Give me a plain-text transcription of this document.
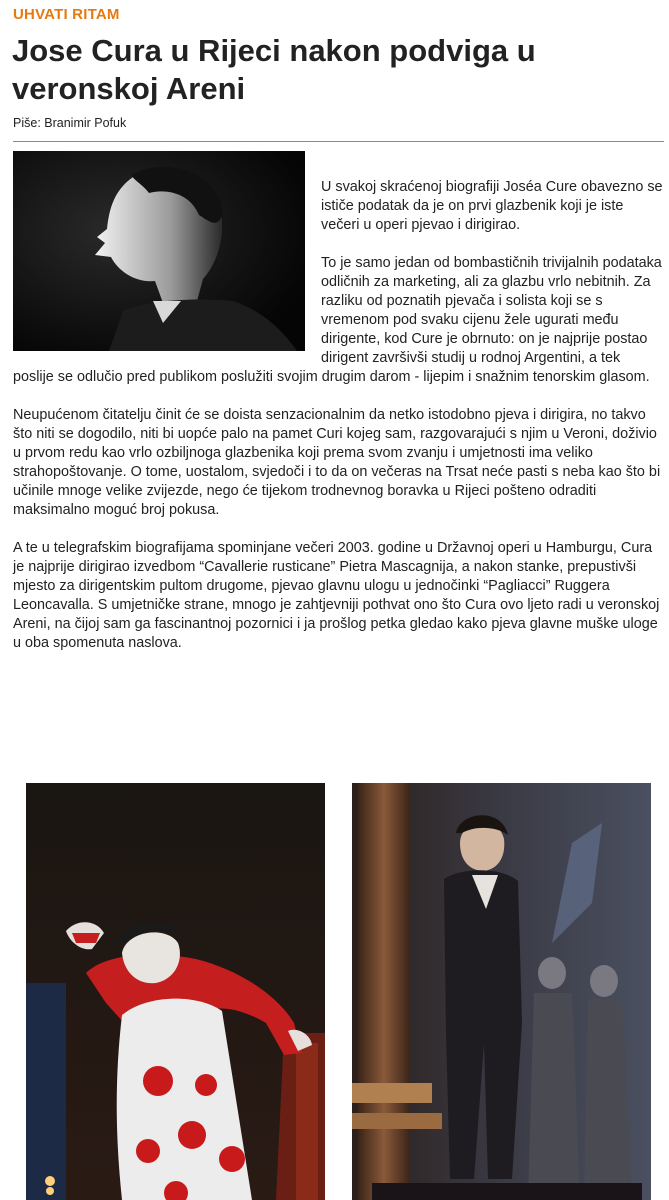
UHVATI RITAM
Jose Cura u Rijeci nakon podviga u veronskoj Areni
Piše: Branimir Pofuk

U svakoj skraćenoj biografiji Joséa Cure obavezno se ističe podatak da je on prvi glazbenik koji je iste večeri u operi pjevao i dirigirao.

To je samo jedan od bombastičnih trivijalnih podataka odličnih za marketing, ali za glazbu vrlo nebitnih. Za razliku od poznatih pjevača i solista koji se s vremenom pod svaku cijenu žele ugurati među dirigente, kod Cure je obrnuto: on je najprije postao dirigent završivši studij u rodnoj Argentini, a tek poslije se odlučio pred publikom poslužiti svojim drugim darom - lijepim i snažnim tenorskim glasom.

Neupućenom čitatelju činit će se doista senzacionalnim da netko istodobno pjeva i dirigira, no takvo što niti se dogodilo, niti bi uopće palo na pamet Curi kojeg sam, razgovarajući s njim u Veroni, doživio u prvom redu kao vrlo ozbiljnoga glazbenika koji prema svom zvanju i umjetnosti ima veliko strahopoštovanje. O tome, uostalom, svjedoči i to da on večeras na Trsat neće pasti s neba kao što bi učinile mnoge velike zvijezde, nego će tijekom trodnevnog boravka u Rijeci pošteno odraditi maksimalno moguć broj pokusa.

A te u telegrafskim biografijama spominjane večeri 2003. godine u Državnoj operi u Hamburgu, Cura je najprije dirigirao izvedbom “Cavallerie rusticane” Pietra Mascagnija, a nakon stanke, prepustivši mjesto za dirigentskim pultom drugome, pjevao glavnu ulogu u jednočinki “Pagliacci” Ruggera Leoncavalla. S umjetničke strane, mnogo je zahtjevniji pothvat ono što Cura ovo ljeto radi u veronskoj Areni, na čijoj sam ga fascinantnoj pozornici i ja prošlog petka gledao kako pjeva glavne muške uloge u oba spomenuta naslova.
